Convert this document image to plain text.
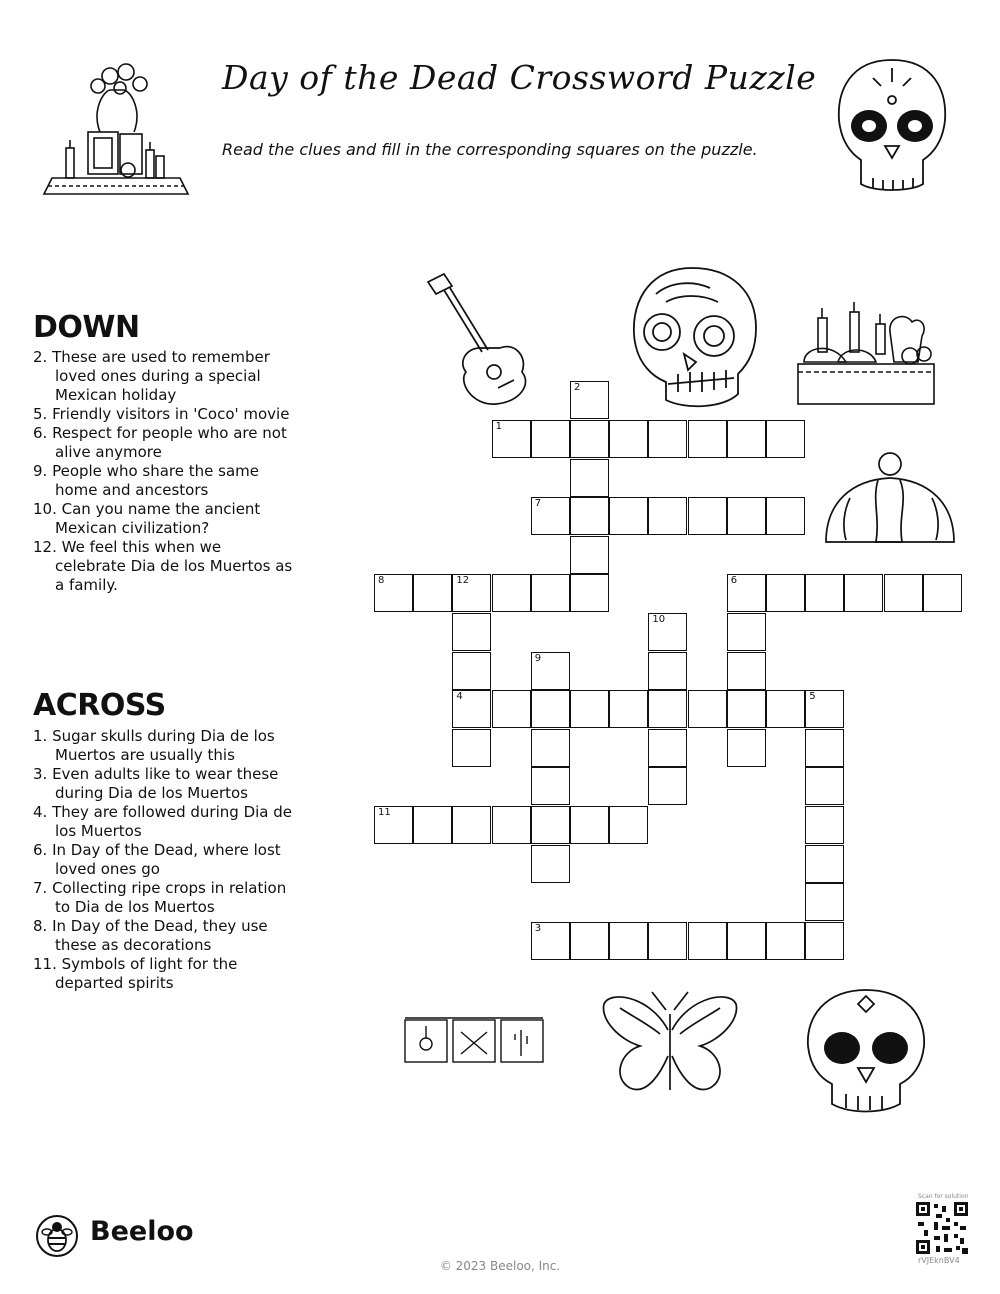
Day of the Dead Crossword Puzzle
Read the clues and fill in the corresponding squares on the puzzle.
DOWN

2. These are used to remember loved ones during a special Mexican holiday

5. Friendly visitors in 'Coco' movie

6. Respect for people who are not alive anymore

9. People who share the same home and ancestors

10. Can you name the ancient Mexican civilization?

12. We feel this when we celebrate Dia de los Muertos as a family.

ACROSS

1. Sugar skulls during Dia de los Muertos are usually this

3. Even adults like to wear these during Dia de los Muertos

4. They are followed during Dia de los Muertos

6. In Day of the Dead, where lost loved ones go

7. Collecting ripe crops in relation to Dia de los Muertos

8. In Day of the Dead, they use these as decorations

11. Symbols of light for the departed spirits

1
2
3
4	5
6
7
8	12
9
10
11
Beeloo
© 2023 Beeloo, Inc.
Scan for solution
rVJEknBV4
